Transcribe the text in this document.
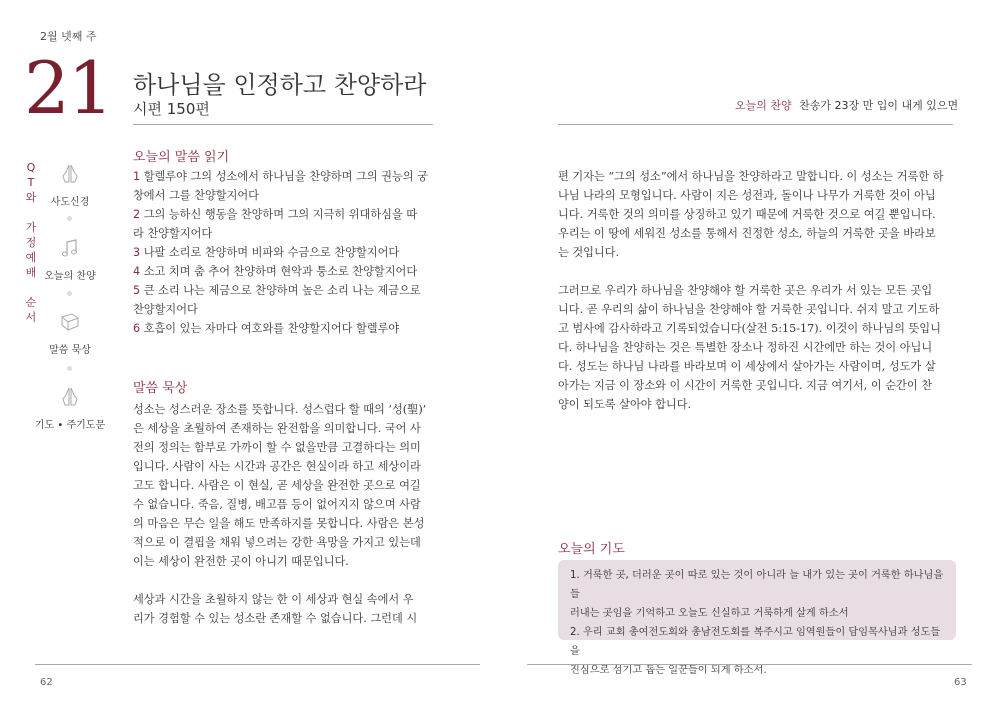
2월 넷째 주
21 하나님을 인정하고 찬양하라
시편 150편	오늘의 찬양 찬송가 23장 만 입이 내게 있으면
Q
T
와
가
정
예
배
순
서
사도신경
오늘의 찬양
말씀 묵상
기도 • 주기도문
오늘의 말씀 읽기
1 할렐루야 그의 성소에서 하나님을 찬양하며 그의 권능의 궁
창에서 그를 찬양할지어다
2 그의 능하신 행동을 찬양하며 그의 지극히 위대하심을 따
라 찬양할지어다
3 나팔 소리로 찬양하며 비파와 수금으로 찬양할지어다
4 소고 치며 춤 추어 찬양하며 현악과 퉁소로 찬양할지어다
5 큰 소리 나는 제금으로 찬양하며 높은 소리 나는 제금으로
찬양할지어다
6 호흡이 있는 자마다 여호와를 찬양할지어다 할렐루야
말씀 묵상

성소는 성스러운 장소를 뜻합니다. 성스럽다 할 때의 ‘성(聖)’
은 세상을 초월하여 존재하는 완전함을 의미합니다. 국어 사
전의 정의는 함부로 가까이 할 수 없을만큼 고결하다는 의미
입니다. 사람이 사는 시간과 공간은 현실이라 하고 세상이라
고도 합니다. 사람은 이 현실, 곧 세상을 완전한 곳으로 여길
수 없습니다. 죽음, 질병, 배고픔 등이 없어지지 않으며 사람
의 마음은 무슨 일을 해도 만족하지를 못합니다. 사람은 본성
적으로 이 결핍을 채워 넣으려는 강한 욕망을 가지고 있는데
이는 세상이 완전한 곳이 아니기 때문입니다.

세상과 시간을 초월하지 않는 한 이 세상과 현실 속에서 우
리가 경험할 수 있는 성소란 존재할 수 없습니다. 그런데 시

편 기자는 “그의 성소”에서 하나님을 찬양하라고 말합니다. 이 성소는 거룩한 하
나님 나라의 모형입니다. 사람이 지은 성전과, 돌이나 나무가 거룩한 것이 아닙
니다. 거룩한 것의 의미를 상징하고 있기 때문에 거룩한 것으로 여길 뿐입니다.
우리는 이 땅에 세워진 성소를 통해서 진정한 성소, 하늘의 거룩한 곳을 바라보
는 것입니다.

그러므로 우리가 하나님을 찬양해야 할 거룩한 곳은 우리가 서 있는 모든 곳입
니다. 곧 우리의 삶이 하나님을 찬양해야 할 거룩한 곳입니다. 쉬지 말고 기도하
고 범사에 감사하라고 기록되었습니다(살전 5:15-17). 이것이 하나님의 뜻입니
다. 하나님을 찬양하는 것은 특별한 장소나 정하진 시간에만 하는 것이 아닙니
다. 성도는 하나님 나라를 바라보며 이 세상에서 살아가는 사람이며, 성도가 살
아가는 지금 이 장소와 이 시간이 거룩한 곳입니다. 지금 여기서, 이 순간이 찬
양이 되도록 살아야 합니다.

오늘의 기도

1. 거룩한 곳, 더러운 곳이 따로 있는 것이 아니라 늘 내가 있는 곳이 거룩한 하나님을 들

러내는 곳임을 기억하고 오늘도 신실하고 거룩하게 살게 하소서

2. 우리 교회 총여전도회와 총남전도회를 복주시고 임역원들이 담임목사님과 성도들을

진심으로 섬기고 돕는 일꾼들이 되게 하소서.

62	63
